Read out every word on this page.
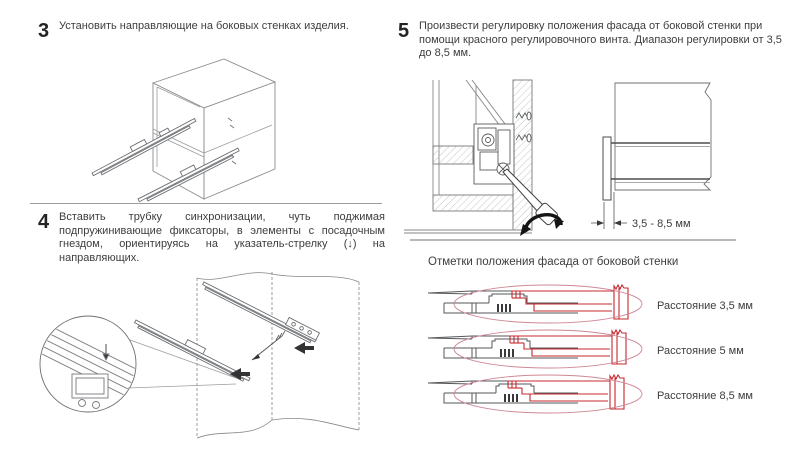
3 Установить направляющие на боковых стенках изделия.

4 Вставить трубку синхронизации, чуть поджимая подпружинивающие фиксаторы, в элементы с посадочным гнездом, ориентируясь на указатель-стрелку (↓) на направляющих.

5 Произвести регулировку положения фасада от боковой стенки при помощи красного регулировочного винта. Диапазон регулировки от 3,5 до 8,5 мм.

3,5 - 8,5 мм
Отметки положения фасада от боковой стенки
Расстояние 3,5 мм
Расстояние 5 мм
Расстояние 8,5 мм
